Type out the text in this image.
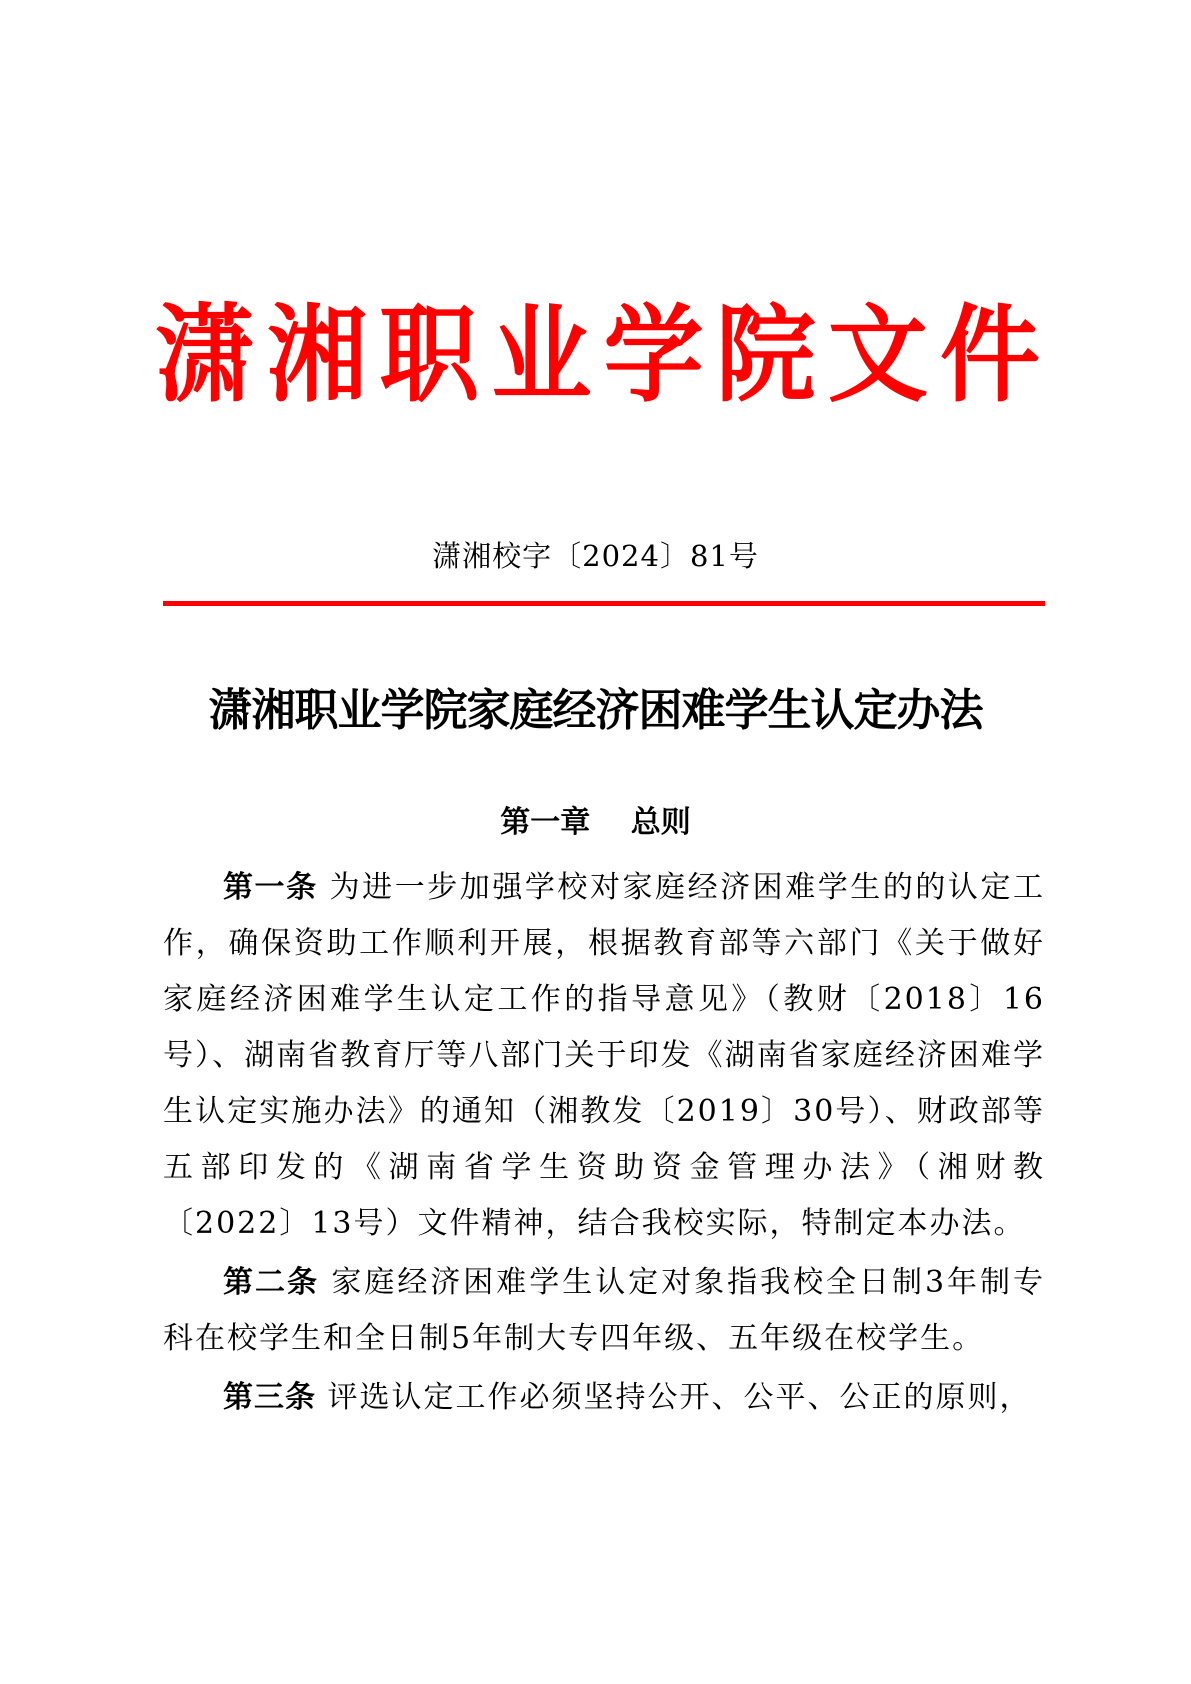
潇 湘 职 业 学 院 文 件
潇湘校字〔2024〕81号
潇湘职业学院家庭经济困难学生认定办法
第一章　 总则

第一条 为进一步加强学校对家庭经济困难学生的的认定工作，确保资助工作顺利开展，根据教育部等六部门《关于做好家庭经济困难学生认定工作的指导意见》（教财〔2018〕16号）、湖南省教育厅等八部门关于印发《湖南省家庭经济困难学生认定实施办法》的通知（湘教发〔2019〕30号）、财政部等五部印发的《湖南省学生资助资金管理办法》（湘财教〔2022〕13号）文件精神，结合我校实际，特制定本办法。

第二条 家庭经济困难学生认定对象指我校全日制3年制专科在校学生和全日制5年制大专四年级、五年级在校学生。

第三条 评选认定工作必须坚持公开、公平、公正的原则，
